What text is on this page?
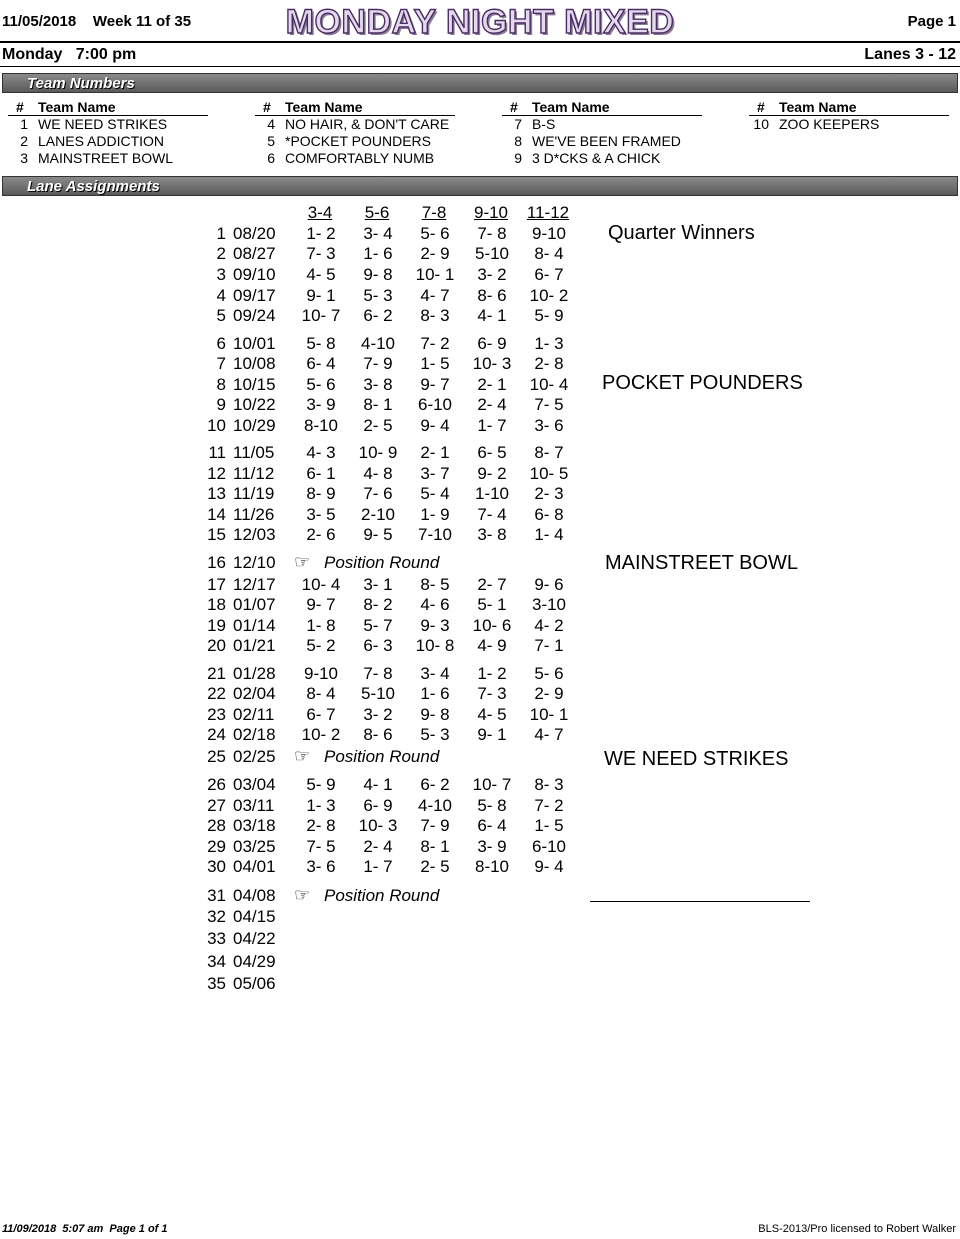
11/05/2018 Week 11 of 35	MONDAY NIGHT MIXED	Page 1
Monday   7:00 pm	Lanes 3 - 12
Team Numbers
# Team Name
1 WE NEED STRIKES
2 LANES ADDICTION
3 MAINSTREET BOWL
# Team Name
4 NO HAIR, & DON'T CARE
5 *POCKET POUNDERS
6 COMFORTABLY NUMB
# Team Name
7 B-S
8 WE'VE BEEN FRAMED
9 3 D*CKS & A CHICK
# Team Name
10 ZOO KEEPERS
Lane Assignments
3-4	5-6	7-8	9-10	11-12
1 08/20	1- 2	3- 4	5- 6	7- 8	9-10
2 08/27	7- 3	1- 6	2- 9	5-10	8- 4
3 09/10	4- 5	9- 8	10- 1	3- 2	6- 7
4 09/17	9- 1	5- 3	4- 7	8- 6	10- 2
5 09/24	10- 7	6- 2	8- 3	4- 1	5- 9
6 10/01	5- 8	4-10	7- 2	6- 9	1- 3
7 10/08	6- 4	7- 9	1- 5	10- 3	2- 8
8 10/15	5- 6	3- 8	9- 7	2- 1	10- 4
9 10/22	3- 9	8- 1	6-10	2- 4	7- 5
10 10/29	8-10	2- 5	9- 4	1- 7	3- 6
11 11/05	4- 3	10- 9	2- 1	6- 5	8- 7
12 11/12	6- 1	4- 8	3- 7	9- 2	10- 5
13 11/19	8- 9	7- 6	5- 4	1-10	2- 3
14 11/26	3- 5	2-10	1- 9	7- 4	6- 8
15 12/03	2- 6	9- 5	7-10	3- 8	1- 4
16 12/10 ☞ Position Round
17 12/17	10- 4	3- 1	8- 5	2- 7	9- 6
18 01/07	9- 7	8- 2	4- 6	5- 1	3-10
19 01/14	1- 8	5- 7	9- 3	10- 6	4- 2
20 01/21	5- 2	6- 3	10- 8	4- 9	7- 1
21 01/28	9-10	7- 8	3- 4	1- 2	5- 6
22 02/04	8- 4	5-10	1- 6	7- 3	2- 9
23 02/11	6- 7	3- 2	9- 8	4- 5	10- 1
24 02/18	10- 2	8- 6	5- 3	9- 1	4- 7
25 02/25 ☞ Position Round
26 03/04	5- 9	4- 1	6- 2	10- 7	8- 3
27 03/11	1- 3	6- 9	4-10	5- 8	7- 2
28 03/18	2- 8	10- 3	7- 9	6- 4	1- 5
29 03/25	7- 5	2- 4	8- 1	3- 9	6-10
30 04/01	3- 6	1- 7	2- 5	8-10	9- 4
31 04/08 ☞ Position Round
32 04/15
33 04/22
34 04/29
35 05/06
Quarter Winners
POCKET POUNDERS
MAINSTREET BOWL
WE NEED STRIKES
11/09/2018  5:07 am  Page 1 of 1	BLS-2013/Pro licensed to Robert Walker
